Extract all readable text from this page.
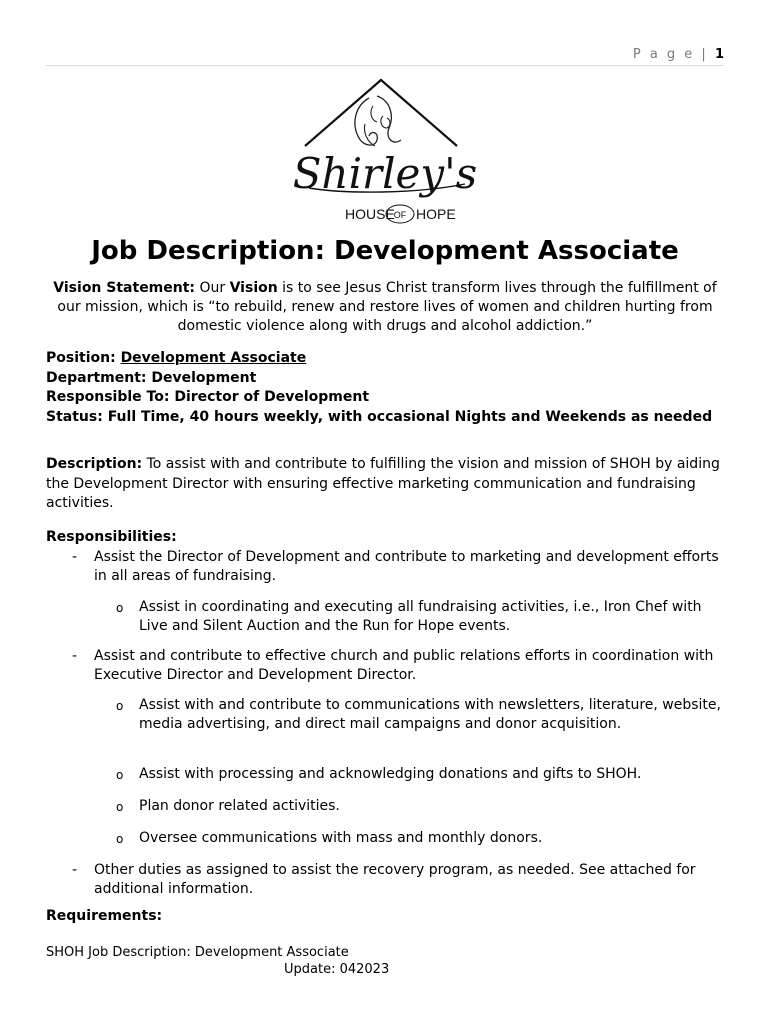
P a g e | 1
Shirley's
HOUSE
OF HOPE
Job Description: Development Associate

Vision Statement: Our Vision is to see Jesus Christ transform lives through the fulfillment of our mission, which is “to rebuild, renew and restore lives of women and children hurting from domestic violence along with drugs and alcohol addiction.”

Position: Development Associate
Department: Development
Responsible To: Director of Development
Status: Full Time, 40 hours weekly, with occasional Nights and Weekends as needed

Description: To assist with and contribute to fulfilling the vision and mission of SHOH by aiding the Development Director with ensuring effective marketing communication and fundraising activities.

Responsibilities:
- Assist the Director of Development and contribute to marketing and development efforts in all areas of fundraising.
o Assist in coordinating and executing all fundraising activities, i.e., Iron Chef with Live and Silent Auction and the Run for Hope events.
- Assist and contribute to effective church and public relations efforts in coordination with Executive Director and Development Director.
o Assist with and contribute to communications with newsletters, literature, website, media advertising, and direct mail campaigns and donor acquisition.
o Assist with processing and acknowledging donations and gifts to SHOH.
o Plan donor related activities.
o Oversee communications with mass and monthly donors.
- Other duties as assigned to assist the recovery program, as needed. See attached for additional information.
Requirements:
SHOH Job Description: Development Associate
Update: 042023
